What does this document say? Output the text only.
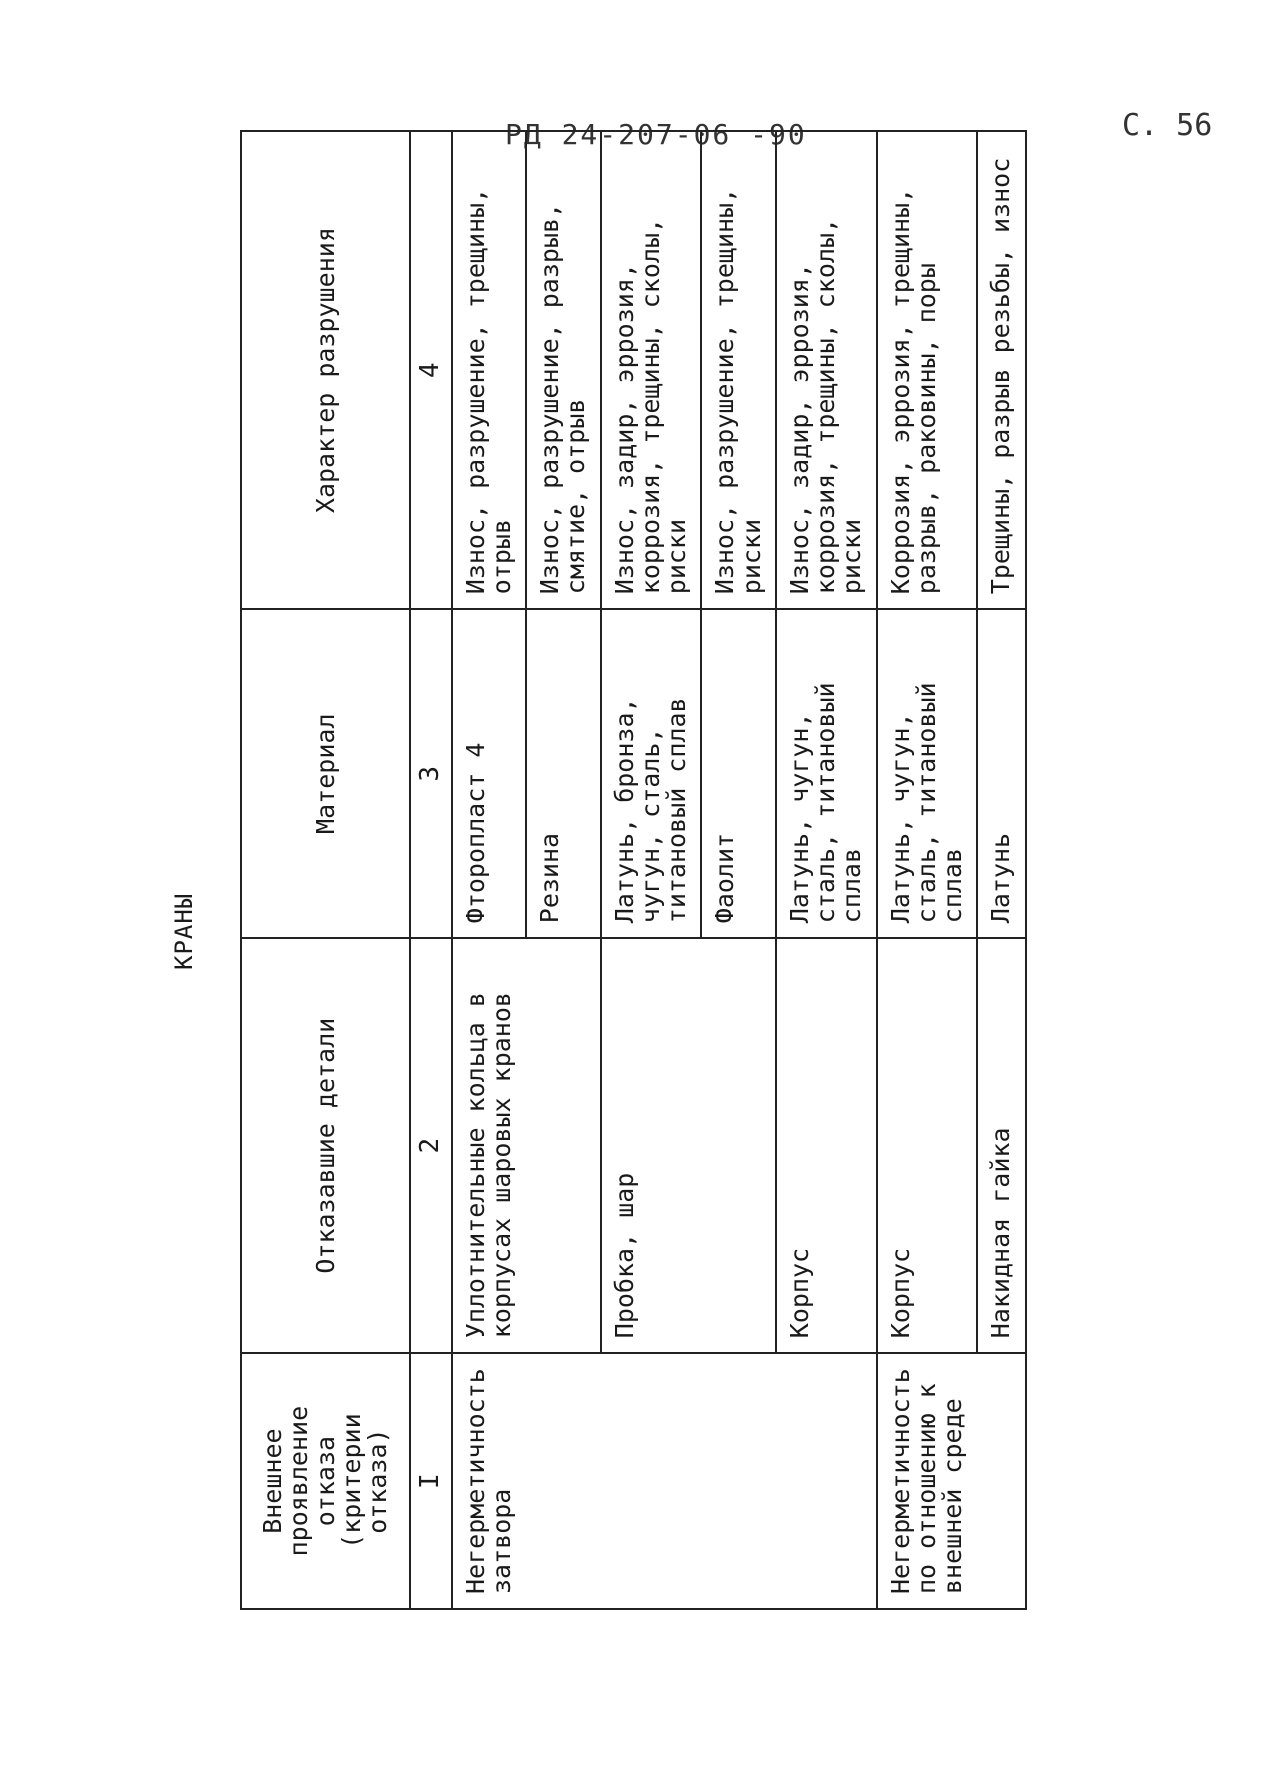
РД 24-207-06 -90	С. 56
КРАНЫ
Внешнее проявление отказа (критерии отказа)	Отказавшие детали	Материал	Характер разрушения
I	2	3	4
Негерметичность затвора	Уплотнительные кольца в корпусах шаровых кранов	Фторопласт 4	Износ, разрушение, трещины, отрыв
		Резина	Износ, разрушение, разрыв, смятие, отрыв
	Пробка, шар	Латунь, бронза, чугун, сталь, титановый сплав	Износ, задир, эррозия, коррозия, трещины, сколы, риски
		Фаолит	Износ, разрушение, трещины, риски
	Корпус	Латунь, чугун, сталь, титановый сплав	Износ, задир, эррозия, коррозия, трещины, сколы, риски
Негерметичность по отношению к внешней среде	Корпус	Латунь, чугун, сталь, титановый сплав	Коррозия, эррозия, трещины, разрыв, раковины, поры
	Накидная гайка	Латунь	Трещины, разрыв резьбы, износ
